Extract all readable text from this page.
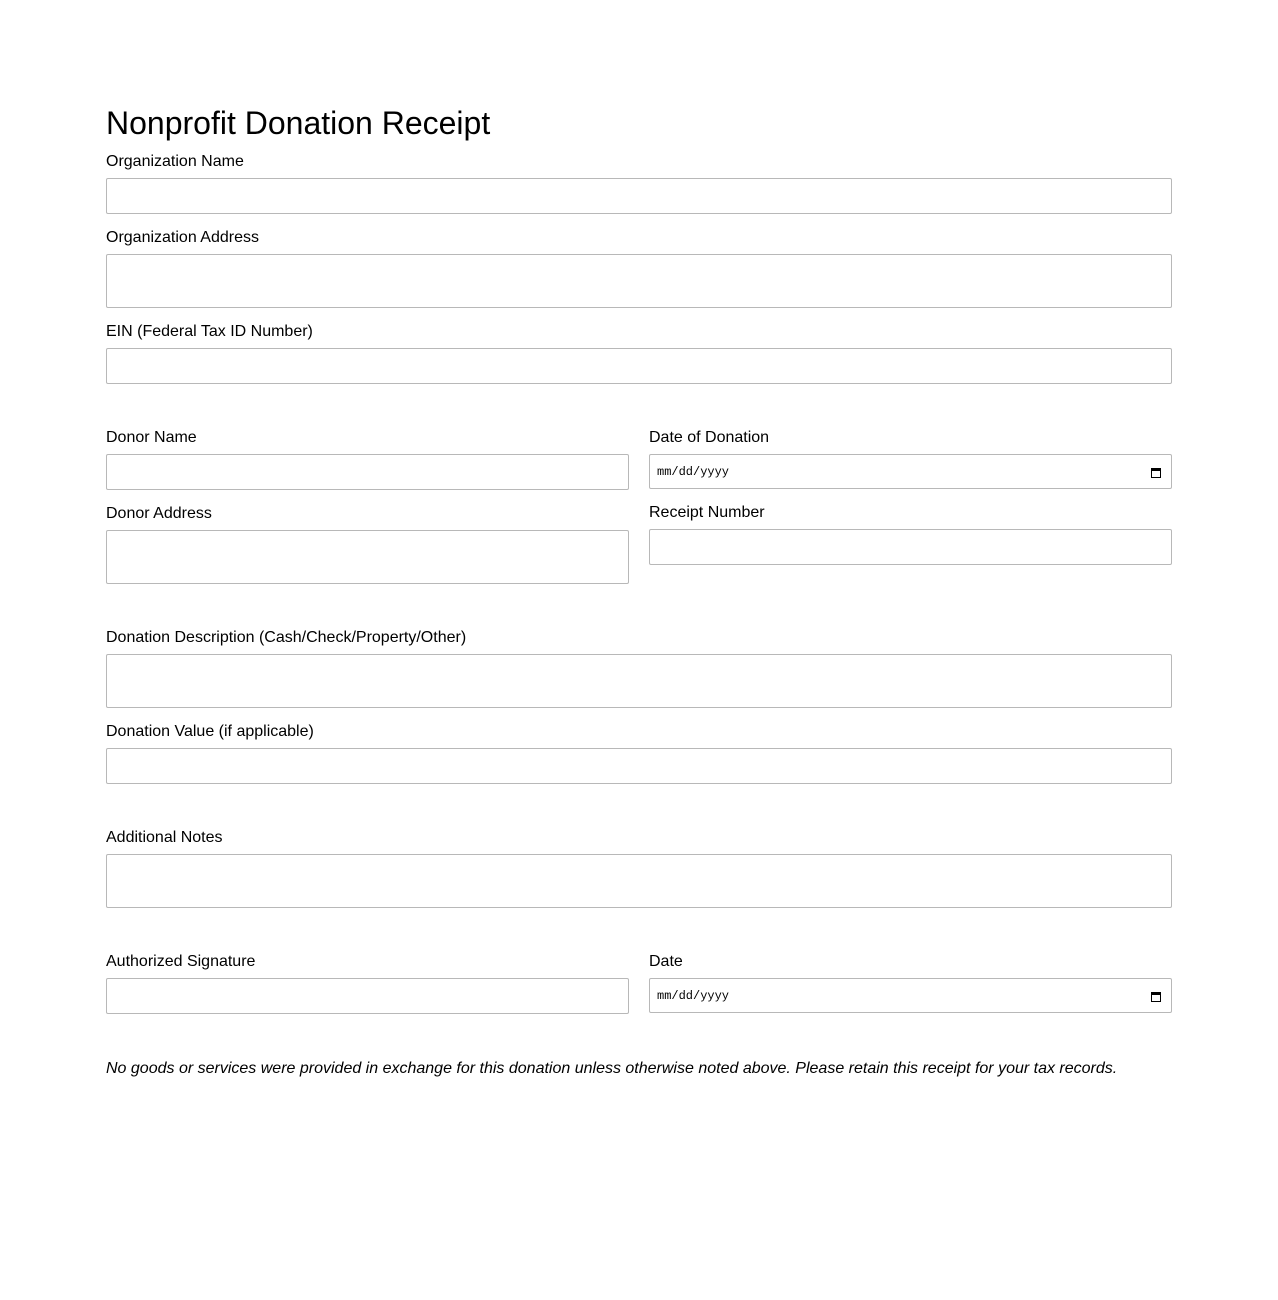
Nonprofit Donation Receipt
Organization Name
Organization Address
EIN (Federal Tax ID Number)
Donor Name	Date of Donation
mm/dd/yyyy
Donor Address	Receipt Number
Donation Description (Cash/Check/Property/Other)
Donation Value (if applicable)
Additional Notes
Authorized Signature	Date
mm/dd/yyyy

No goods or services were provided in exchange for this donation unless otherwise noted above. Please retain this receipt for your tax records.
